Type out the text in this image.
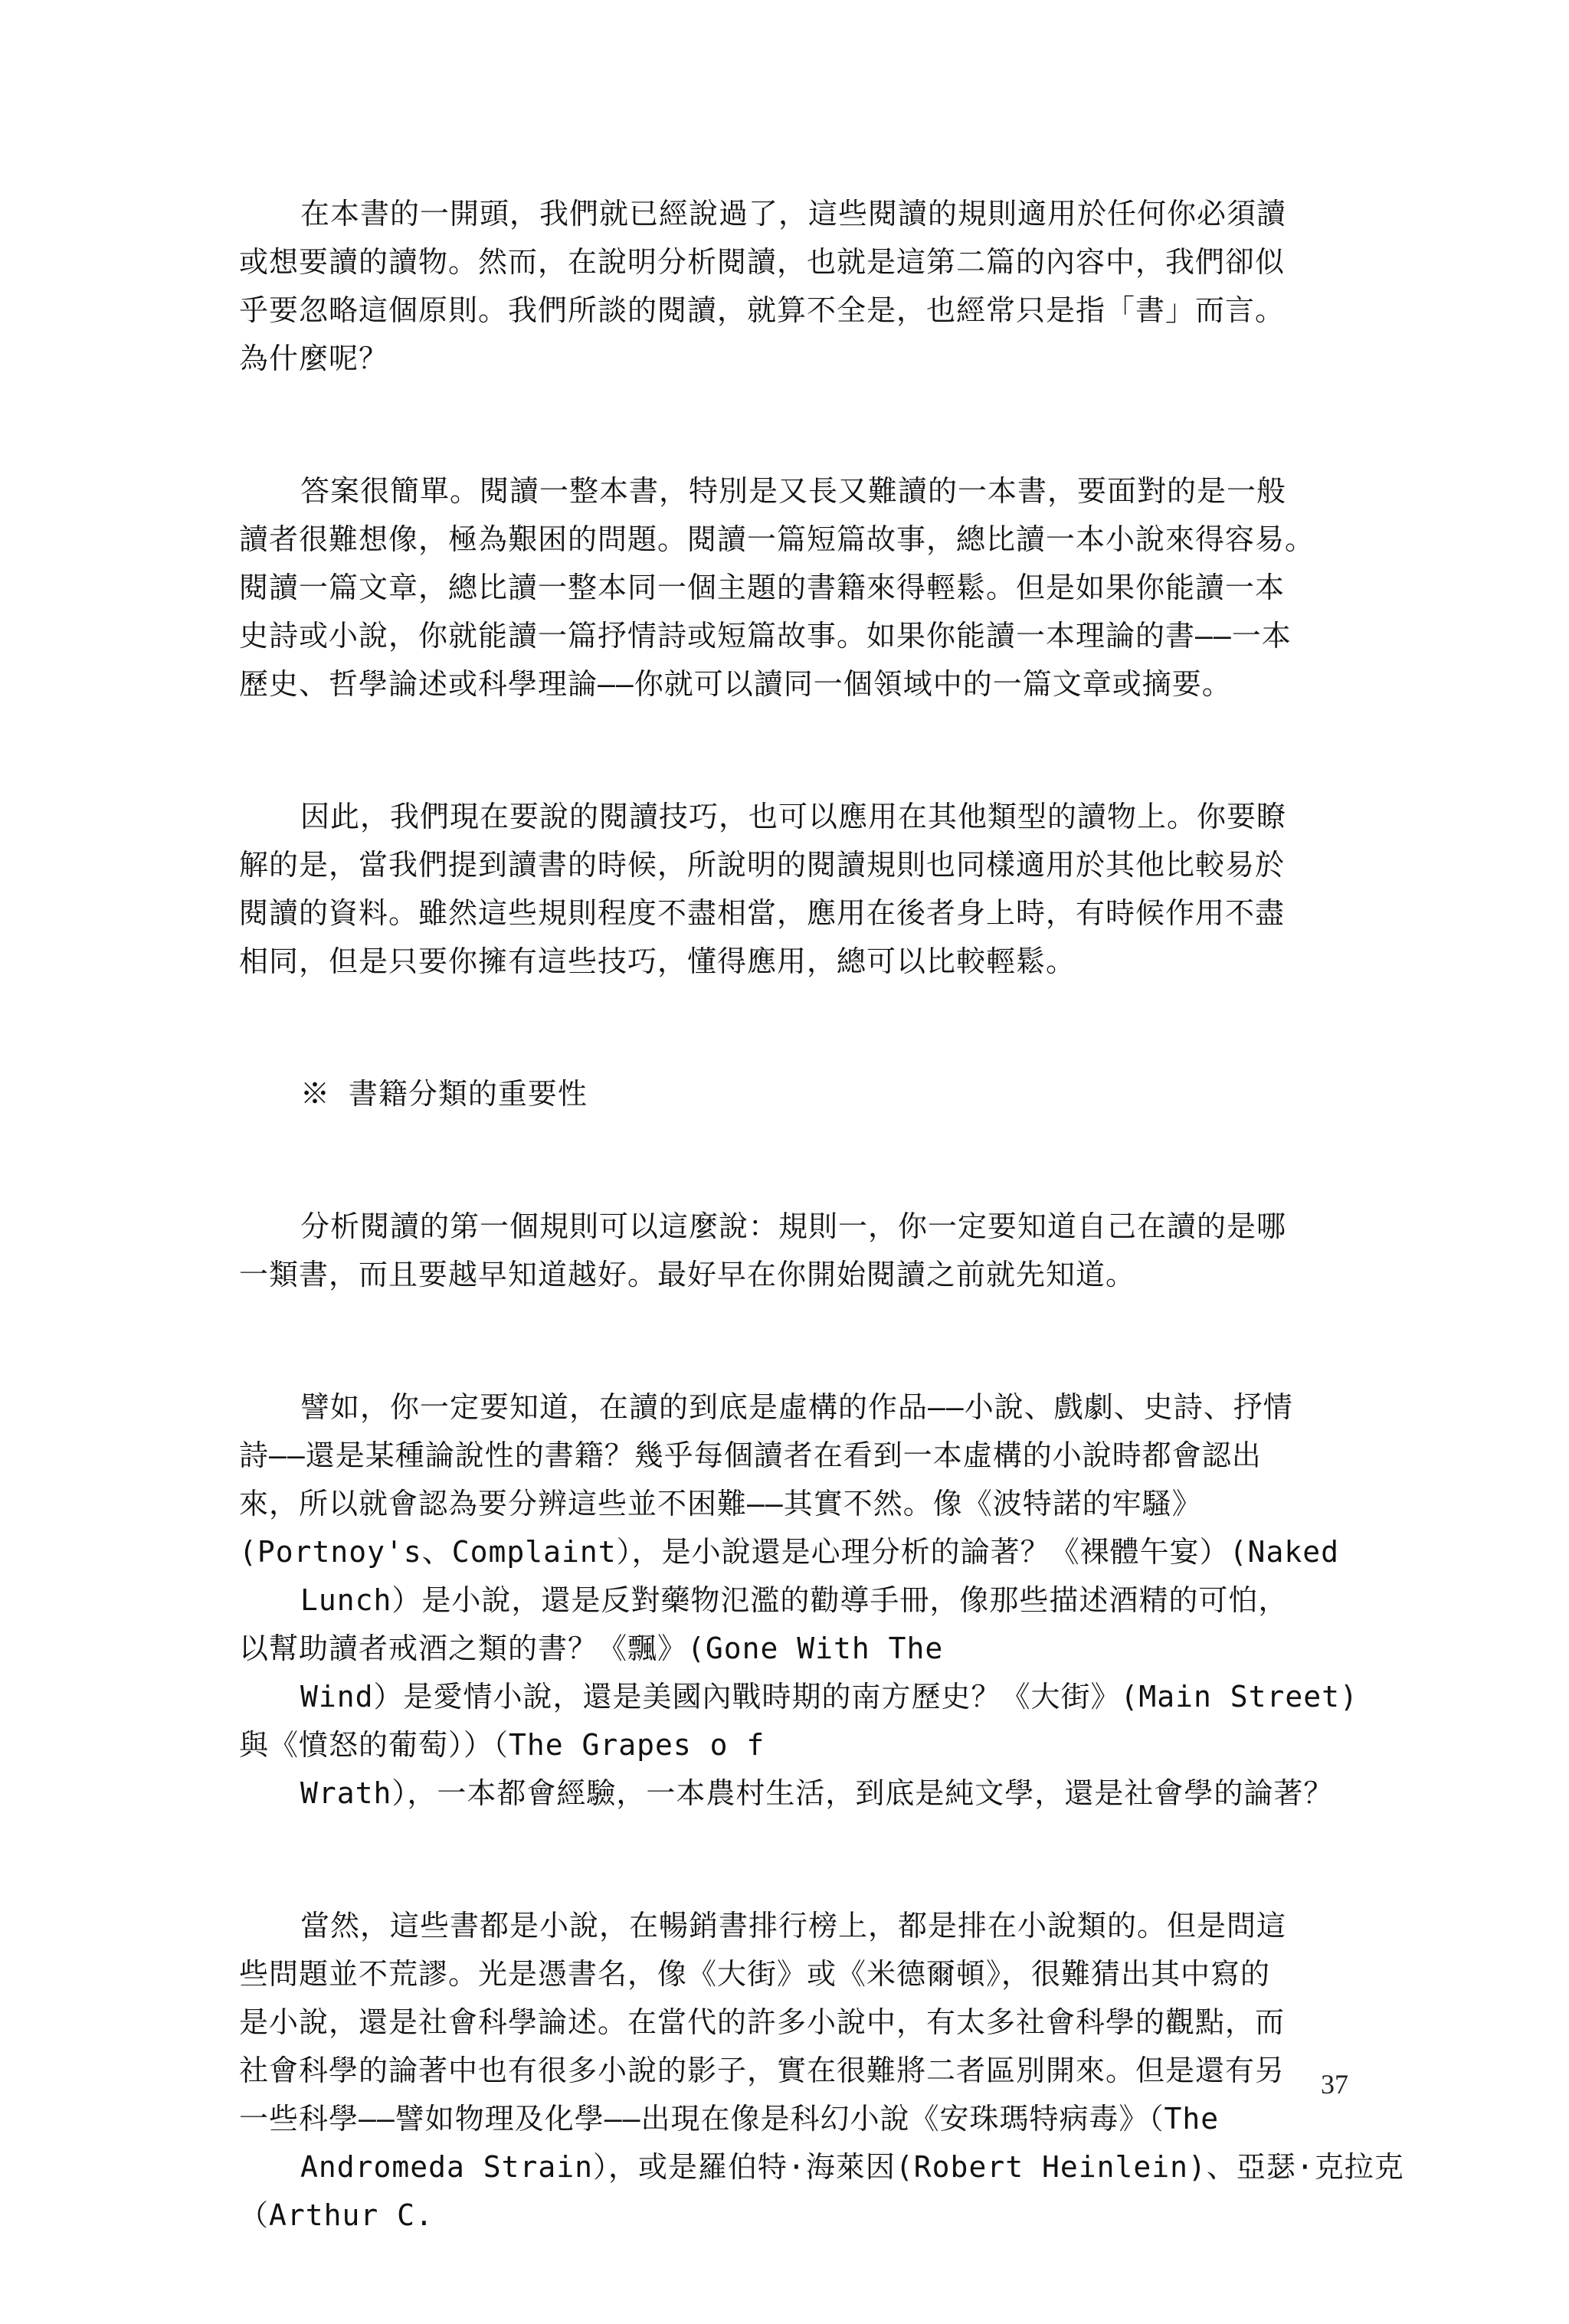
在本書的一開頭，我們就已經說過了，這些閱讀的規則適用於任何你必須讀
或想要讀的讀物。然而，在說明分析閱讀，也就是這第二篇的內容中，我們卻似
乎要忽略這個原則。我們所談的閱讀，就算不全是，也經常只是指「書」而言。
為什麼呢？
答案很簡單。閱讀一整本書，特別是又長又難讀的一本書，要面對的是一般
讀者很難想像，極為艱困的問題。閱讀一篇短篇故事，總比讀一本小說來得容易。
閱讀一篇文章，總比讀一整本同一個主題的書籍來得輕鬆。但是如果你能讀一本
史詩或小說，你就能讀一篇抒情詩或短篇故事。如果你能讀一本理論的書——一本
歷史、哲學論述或科學理論——你就可以讀同一個領域中的一篇文章或摘要。
因此，我們現在要說的閱讀技巧，也可以應用在其他類型的讀物上。你要瞭
解的是，當我們提到讀書的時候，所說明的閱讀規則也同樣適用於其他比較易於
閱讀的資料。雖然這些規則程度不盡相當，應用在後者身上時，有時候作用不盡
相同，但是只要你擁有這些技巧，懂得應用，總可以比較輕鬆。
※ 書籍分類的重要性
分析閱讀的第一個規則可以這麼說：規則一，你一定要知道自己在讀的是哪
一類書，而且要越早知道越好。最好早在你開始閱讀之前就先知道。
譬如，你一定要知道，在讀的到底是虛構的作品——小說、戲劇、史詩、抒情
詩——還是某種論說性的書籍？幾乎每個讀者在看到一本虛構的小說時都會認出
來，所以就會認為要分辨這些並不困難——其實不然。像《波特諾的牢騷》
(Portnoy's、Complaint），是小說還是心理分析的論著？《裸體午宴）(Naked
Lunch）是小說，還是反對藥物氾濫的勸導手冊，像那些描述酒精的可怕，
以幫助讀者戒酒之類的書？《飄》(Gone With The
Wind）是愛情小說，還是美國內戰時期的南方歷史？《大街》(Main Street)
與《憤怒的葡萄））（The Grapes o f
Wrath），一本都會經驗，一本農村生活，到底是純文學，還是社會學的論著？
當然，這些書都是小說，在暢銷書排行榜上，都是排在小說類的。但是問這
些問題並不荒謬。光是憑書名，像《大街》或《米德爾頓》，很難猜出其中寫的
是小說，還是社會科學論述。在當代的許多小說中，有太多社會科學的觀點，而
社會科學的論著中也有很多小說的影子，實在很難將二者區別開來。但是還有另
一些科學——譬如物理及化學——出現在像是科幻小說《安珠瑪特病毒》（The
Andromeda Strain），或是羅伯特·海萊因(Robert Heinlein)、亞瑟·克拉克
（Arthur C.
37
